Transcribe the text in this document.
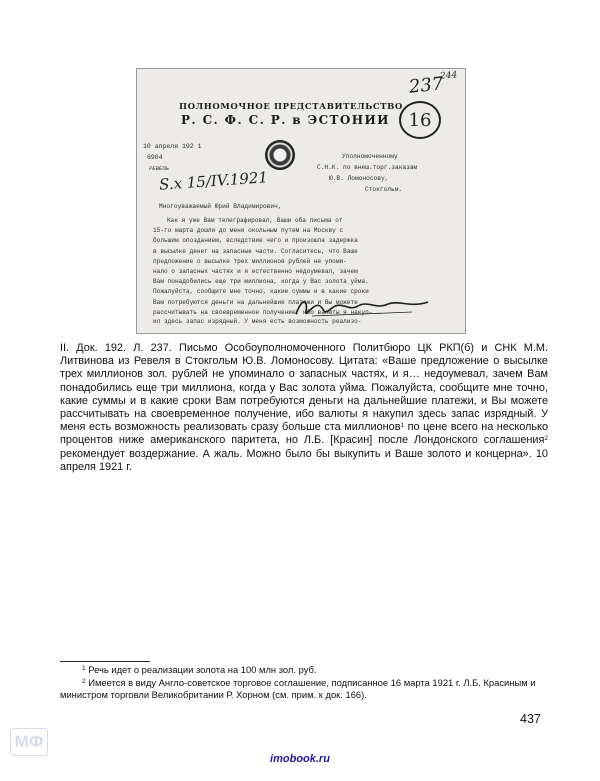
237
244
16
ПОЛНОМОЧНОЕ ПРЕДСТАВИТЕЛЬСТВО
Р. С. Ф. С. Р. в ЭСТОНИИ
10 апреля 192 1
6904
РЕВЕЛЬ
Уполномоченному
С.Н.К. по внеш.торг.заказам
Ю.В. Ломоносову,
Стокгольм.
S.x 15/IV.1921
Многоуважаемый Юрий Владимирович,
Как я уже Вам телеграфировал, Ваши оба письма от
15-го марта дошли до меня окольным путем на Москву с
большим опозданием, вследствие чего и произошла задержка
в высылке денег на запасные части. Согласитесь, что Ваше
предложение о высылке трех миллионов рублей не упоми-
нало о запасных частях и я естественно недоумевал, зачем
Вам понадобились еще три миллиона, когда у Вас золота уйма.
Пожалуйста, сообщите мне точно, какие суммы и в какие сроки
Вам потребуются деньги на дальнейшие платежи и Вы можете
рассчитывать на своевременное получение, ибо валюты я накуп-
ил здесь запас изрядный. У меня есть возможность реализо-

II. Док. 192. Л. 237. Письмо Особоуполномоченного Политбюро ЦК РКП(б) и СНК М.М. Литвинова из Ревеля в Стокгольм Ю.В. Ломоносову. Цитата: «Ваше предложение о высылке трех миллионов зол. рублей не упоминало о запасных частях, и я… недоумевал, зачем Вам понадобились еще три миллиона, когда у Вас золота уйма. Пожалуйста, сообщите мне точно, какие суммы и в какие сроки Вам потребуются деньги на дальнейшие платежи, и Вы можете рассчитывать на своевременное получение, ибо валюты я накупил здесь запас изрядный. У меня есть возможность реализовать сразу больше ста миллионов$^1$ по цене всего на несколько процентов ниже американского паритета, но Л.Б. [Красин] после Лондонского соглашения$^2$ рекомендует воздержание. А жаль. Можно было бы выкупить и Ваше золото и концерна». 10 апреля 1921 г.

$^1$ Речь идет о реализации золота на 100 млн зол. руб.
$^2$ Имеется в виду Англо-советское торговое соглашение, подписанное 16 марта 1921 г. Л.Б. Красиным и министром торговли Великобритании Р. Хорном (см. прим. к док. 166).
437
МФ
imobook.ru
